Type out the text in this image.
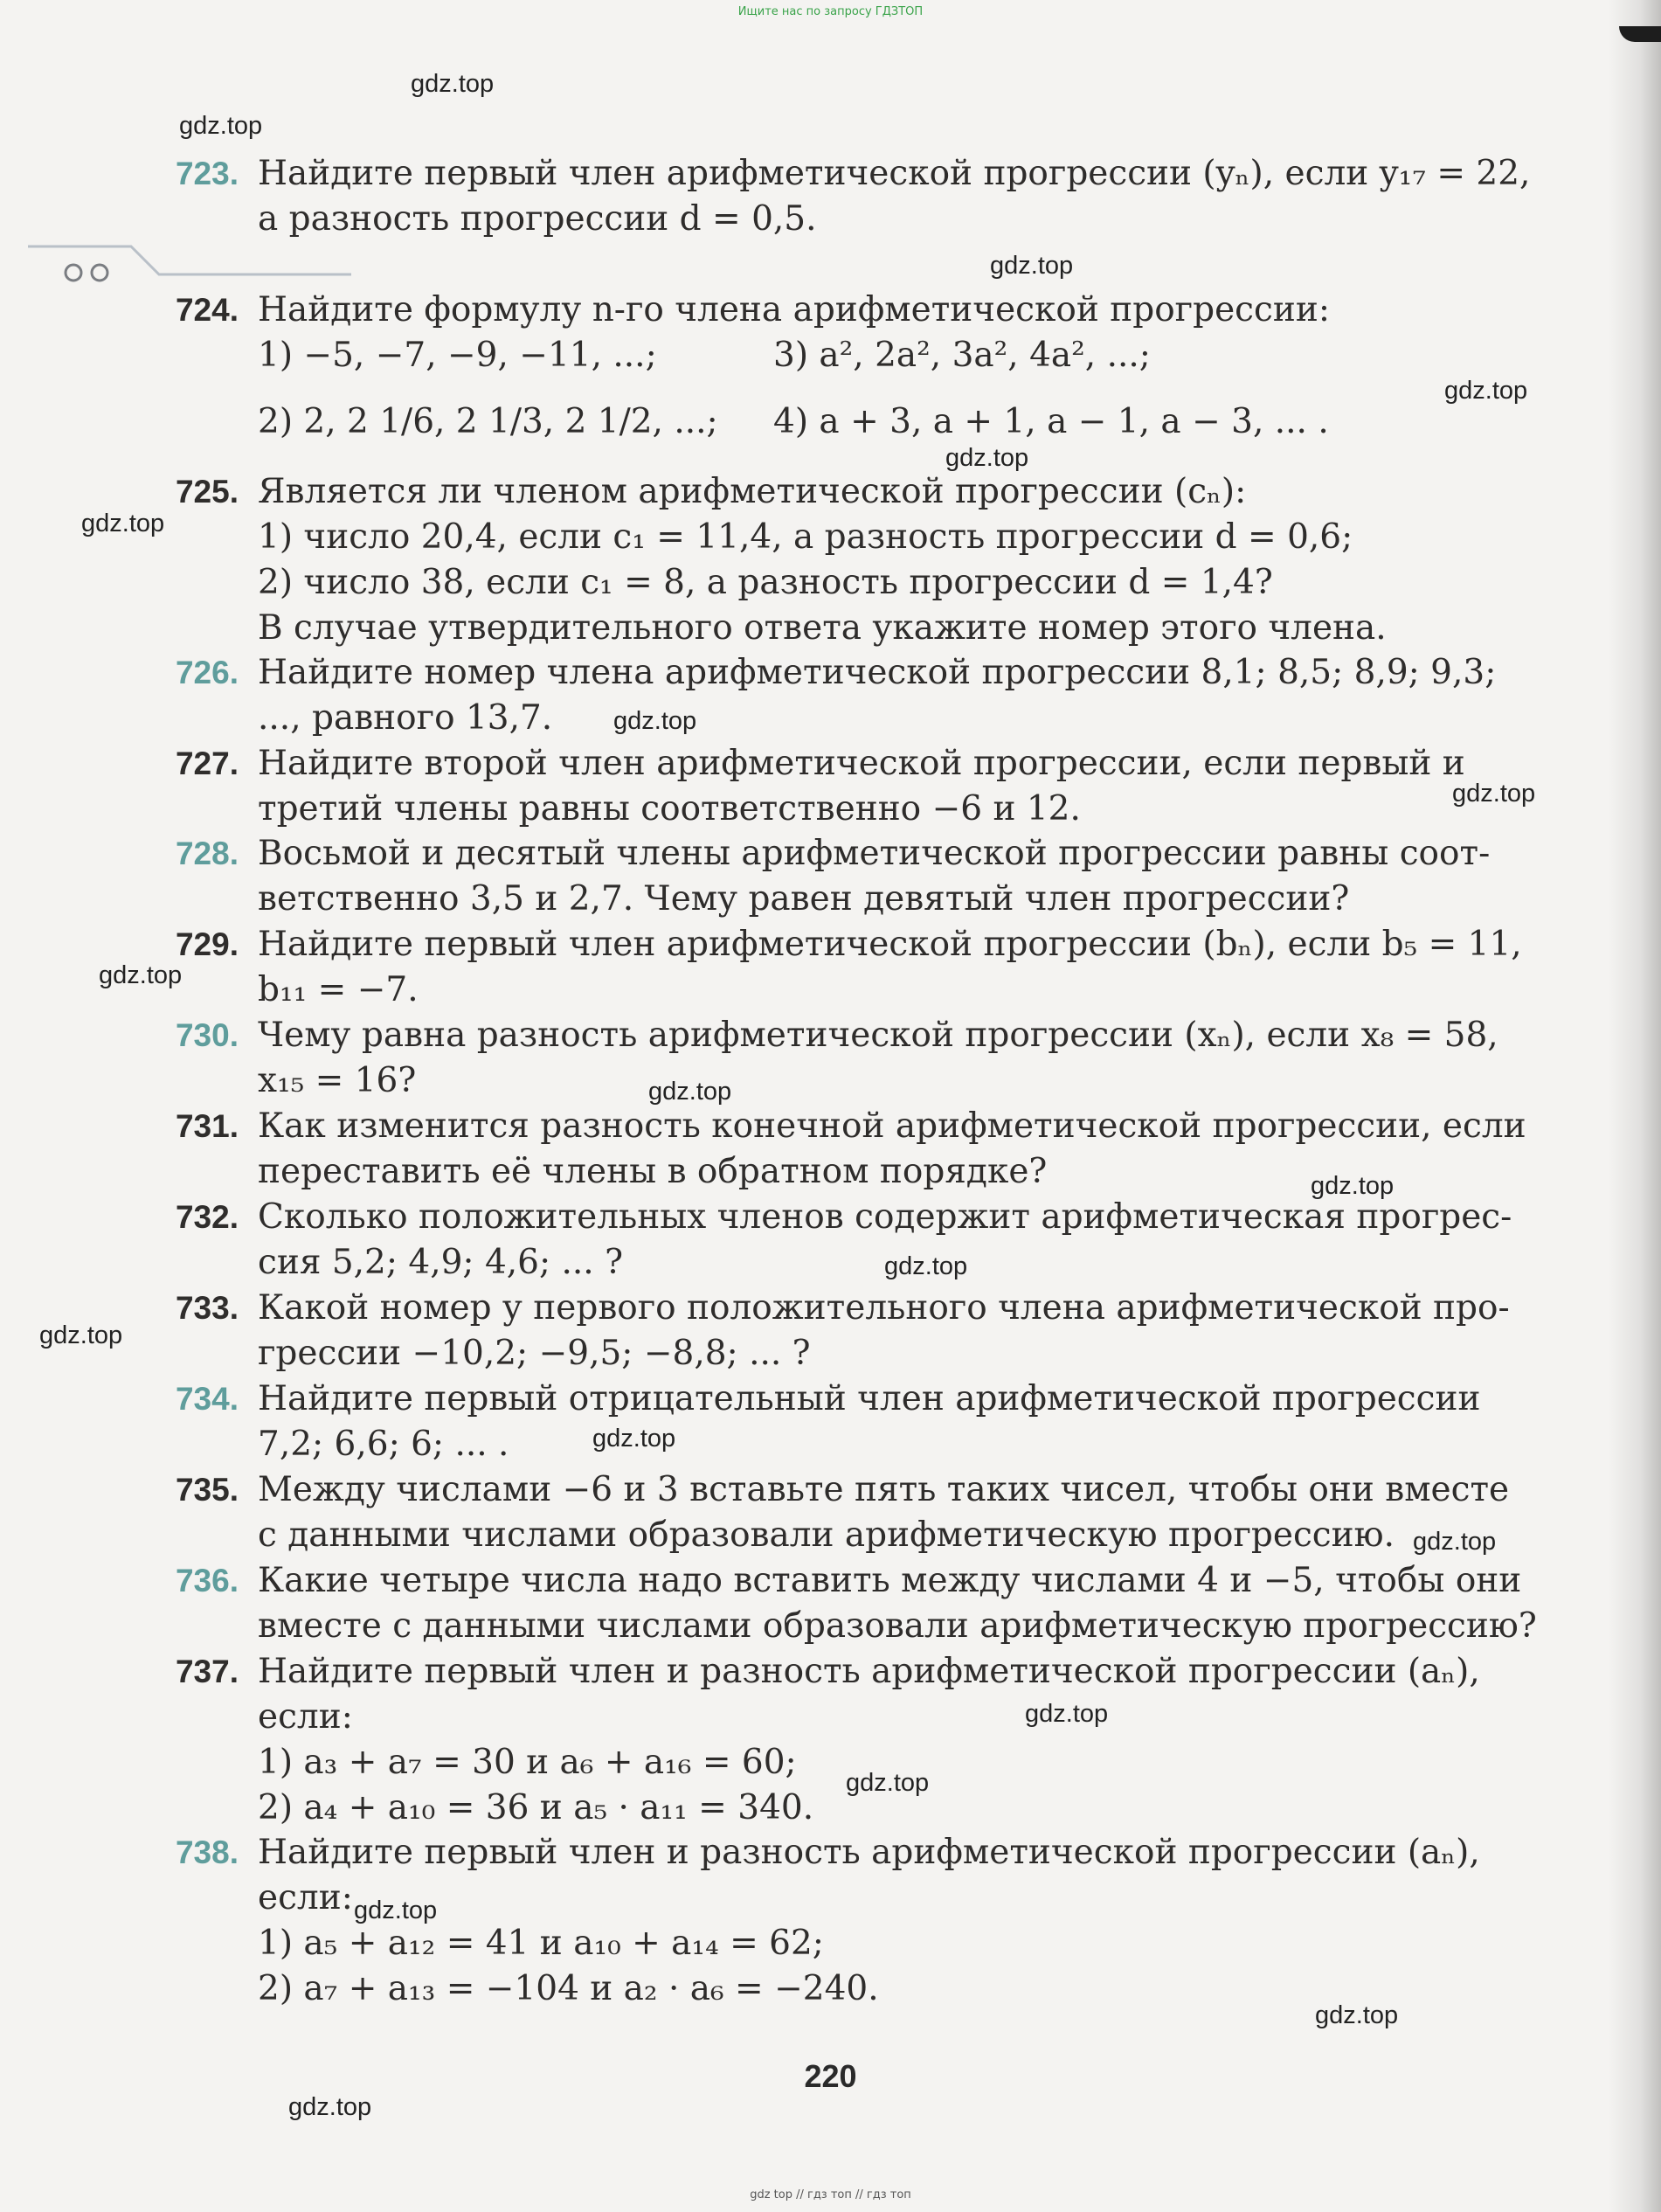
Ищите нас по запросу ГДЗТОП
gdz.top
gdz.top
gdz.top
gdz.top
gdz.top
gdz.top
gdz.top
gdz.top
gdz.top
gdz.top
gdz.top
gdz.top
gdz.top
gdz.top
gdz.top
gdz.top
gdz.top
gdz.top
gdz.top
gdz.top
723. Найдите первый член арифметической прогрессии (yₙ), если y₁₇ = 22,
а разность прогрессии d = 0,5.
724. Найдите формулу n-го члена арифметической прогрессии:
1) −5, −7, −9, −11, ...;	3) a², 2a², 3a², 4a², ...;
2) 2, 2 1/6, 2 1/3, 2 1/2, ...;	4) a + 3, a + 1, a − 1, a − 3, ... .
725. Является ли членом арифметической прогрессии (cₙ):
1) число 20,4, если c₁ = 11,4, а разность прогрессии d = 0,6;
2) число 38, если c₁ = 8, а разность прогрессии d = 1,4?
В случае утвердительного ответа укажите номер этого члена.
726. Найдите номер члена арифметической прогрессии 8,1; 8,5; 8,9; 9,3;
..., равного 13,7.
727. Найдите второй член арифметической прогрессии, если первый и
третий члены равны соответственно −6 и 12.
728. Восьмой и десятый члены арифметической прогрессии равны соот-
ветственно 3,5 и 2,7. Чему равен девятый член прогрессии?
729. Найдите первый член арифметической прогрессии (bₙ), если b₅ = 11,
b₁₁ = −7.
730. Чему равна разность арифметической прогрессии (xₙ), если x₈ = 58,
x₁₅ = 16?
731. Как изменится разность конечной арифметической прогрессии, если
переставить её члены в обратном порядке?
732. Сколько положительных членов содержит арифметическая прогрес-
сия 5,2; 4,9; 4,6; ... ?
733. Какой номер у первого положительного члена арифметической про-
грессии −10,2; −9,5; −8,8; ... ?
734. Найдите первый отрицательный член арифметической прогрессии
7,2; 6,6; 6; ... .
735. Между числами −6 и 3 вставьте пять таких чисел, чтобы они вместе
с данными числами образовали арифметическую прогрессию.
736. Какие четыре числа надо вставить между числами 4 и −5, чтобы они
вместе с данными числами образовали арифметическую прогрессию?
737. Найдите первый член и разность арифметической прогрессии (aₙ),
если:
1) a₃ + a₇ = 30 и a₆ + a₁₆ = 60;
2) a₄ + a₁₀ = 36 и a₅ · a₁₁ = 340.
738. Найдите первый член и разность арифметической прогрессии (aₙ),
если:
1) a₅ + a₁₂ = 41 и a₁₀ + a₁₄ = 62;
2) a₇ + a₁₃ = −104 и a₂ · a₆ = −240.
220
gdz top // гдз топ // гдз топ
